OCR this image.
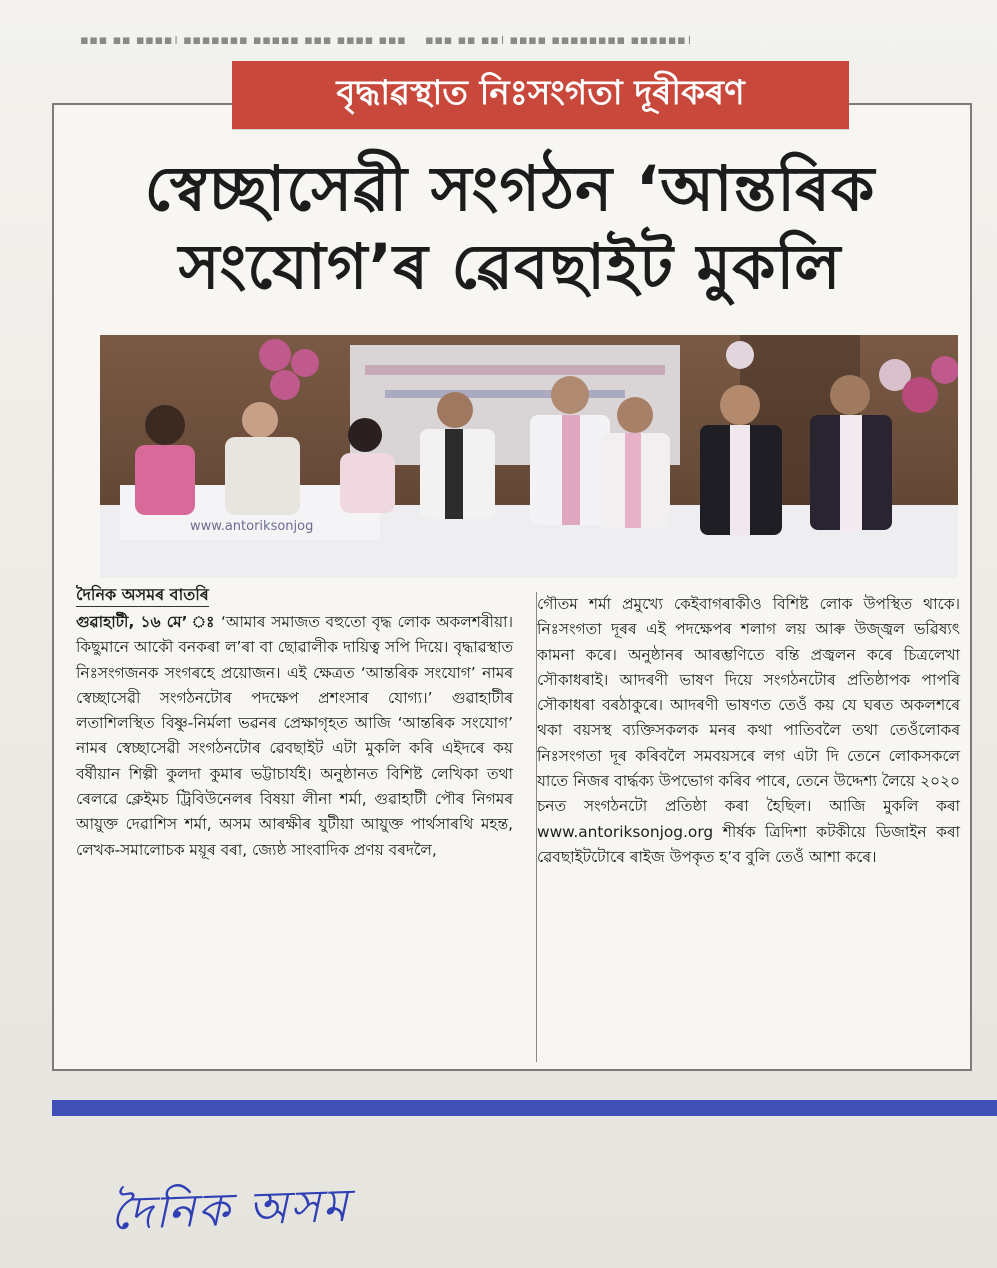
▪▪▪ ▪▪ ▪▪▪▪। ▪▪▪▪▪▪▪ ▪▪▪▪▪ ▪▪▪ ▪▪▪▪ ▪▪▪    ▪▪▪ ▪▪ ▪▪। ▪▪▪▪ ▪▪▪▪▪▪▪▪ ▪▪▪▪▪▪।
বৃদ্ধাৱস্থাত নিঃসংগতা দূৰীকৰণ
স্বেচ্ছাসেৱী সংগঠন ‘আন্তৰিক
সংযোগ’ৰ ৱেবছাইট মুকলি
www.antoriksonjog
দৈনিক অসমৰ বাতৰি
গুৱাহাটী, ১৬ মে’ ঃ ‘আমাৰ সমাজত বহুতো বৃদ্ধ লোক অকলশৰীয়া। কিছুমানে আকৌ বনকৰা ল’ৰা বা ছোৱালীক দায়িত্ব সপি দিয়ে। বৃদ্ধাৱস্থাত নিঃসংগজনক সংগৰহে প্ৰয়োজন। এই ক্ষেত্ৰত ‘আন্তৰিক সংযোগ’ নামৰ স্বেচ্ছাসেৱী সংগঠনটোৰ পদক্ষেপ প্ৰশংসাৰ যোগ্য।’ গুৱাহাটীৰ লতাশিলস্থিত বিষ্ণু-নিৰ্মলা ভৱনৰ প্ৰেক্ষাগৃহত আজি ‘আন্তৰিক সংযোগ’ নামৰ স্বেচ্ছাসেৱী সংগঠনটোৰ ৱেবছাইট এটা মুকলি কৰি এইদৰে কয় বৰ্ষীয়ান শিল্পী কুলদা কুমাৰ ভট্টাচাৰ্যই। অনুষ্ঠানত বিশিষ্ট লেখিকা তথা ৰেলৱে ক্লেইমচ ট্ৰিবিউনেলৰ বিষয়া লীনা শৰ্মা, গুৱাহাটী পৌৰ নিগমৰ আয়ুক্ত দেৱাশিস শৰ্মা, অসম আৰক্ষীৰ যুটীয়া আয়ুক্ত পাৰ্থসাৰথি মহন্ত, লেখক-সমালোচক ময়ূৰ বৰা, জ্যেষ্ঠ সাংবাদিক প্ৰণয় বৰদলৈ,
গৌতম শৰ্মা প্ৰমুখ্যে কেইবাগৰাকীও বিশিষ্ট লোক উপস্থিত থাকে। নিঃসংগতা দূৰৰ এই পদক্ষেপৰ শলাগ লয় আৰু উজ্জ্বল ভৱিষ্যৎ কামনা কৰে। অনুষ্ঠানৰ আৰম্ভণিতে বন্তি প্ৰজ্বলন কৰে চিত্ৰলেখা সৌকাধৰাই। আদৰণী ভাষণ দিয়ে সংগঠনটোৰ প্ৰতিষ্ঠাপক পাপৰি সৌকাধৰা বৰঠাকুৰে। আদৰণী ভাষণত তেওঁ কয় যে ঘৰত অকলশৰে থকা বয়সস্থ ব্যক্তিসকলক মনৰ কথা পাতিবলৈ তথা তেওঁলোকৰ নিঃসংগতা দূৰ কৰিবলৈ সমবয়সৰে লগ এটা দি তেনে লোকসকলে যাতে নিজৰ বাৰ্দ্ধক্য উপভোগ কৰিব পাৰে, তেনে উদ্দেশ্য লৈয়ে ২০২০ চনত সংগঠনটো প্ৰতিষ্ঠা কৰা হৈছিল। আজি মুকলি কৰা www.antoriksonjog.org শীৰ্ষক ত্ৰিদিশা কটকীয়ে ডিজাইন কৰা ৱেবছাইটটোৰে ৰাইজ উপকৃত হ’ব বুলি তেওঁ আশা কৰে।
দৈনিক অসম
